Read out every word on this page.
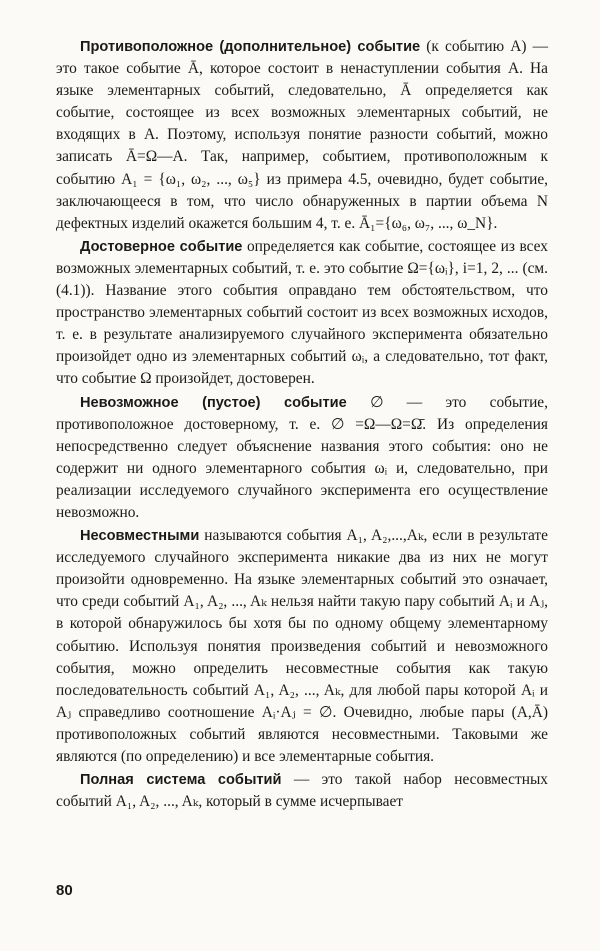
Противоположное (дополнительное) событие (к событию A) — это такое событие Ā, которое состоит в ненаступлении события A. На языке элементарных событий, следовательно, Ā определяется как событие, состоящее из всех возможных элементарных событий, не входящих в A. Поэтому, используя понятие разности событий, можно записать Ā=Ω—A. Так, например, событием, противоположным к событию A₁ = {ω₁, ω₂, ..., ω₅} из примера 4.5, очевидно, будет событие, заключающееся в том, что число обнаруженных в партии объема N дефектных изделий окажется большим 4, т. е. Ā₁={ω₆, ω₇, ..., ω_N}.

Достоверное событие определяется как событие, состоящее из всех возможных элементарных событий, т. е. это событие Ω={ωᵢ}, i=1, 2, ... (см. (4.1)). Название этого события оправдано тем обстоятельством, что пространство элементарных событий состоит из всех возможных исходов, т. е. в результате анализируемого случайного эксперимента обязательно произойдет одно из элементарных событий ωᵢ, а следовательно, тот факт, что событие Ω произойдет, достоверен.

Невозможное (пустое) событие ∅ — это событие, противоположное достоверному, т. е. ∅ =Ω—Ω=Ω̄. Из определения непосредственно следует объяснение названия этого события: оно не содержит ни одного элементарного события ωᵢ и, следовательно, при реализации исследуемого случайного эксперимента его осуществление невозможно.

Несовместными называются события A₁, A₂,...,Aₖ, если в результате исследуемого случайного эксперимента никакие два из них не могут произойти одновременно. На языке элементарных событий это означает, что среди событий A₁, A₂, ..., Aₖ нельзя найти такую пару событий Aᵢ и Aⱼ, в которой обнаружилось бы хотя бы по одному общему элементарному событию. Используя понятия произведения событий и невозможного события, можно определить несовместные события как такую последовательность событий A₁, A₂, ..., Aₖ, для любой пары которой Aᵢ и Aⱼ справедливо соотношение Aᵢ·Aⱼ = ∅. Очевидно, любые пары (A,Ā) противоположных событий являются несовместными. Таковыми же являются (по определению) и все элементарные события.

Полная система событий — это такой набор несовместных событий A₁, A₂, ..., Aₖ, который в сумме исчерпывает

80
